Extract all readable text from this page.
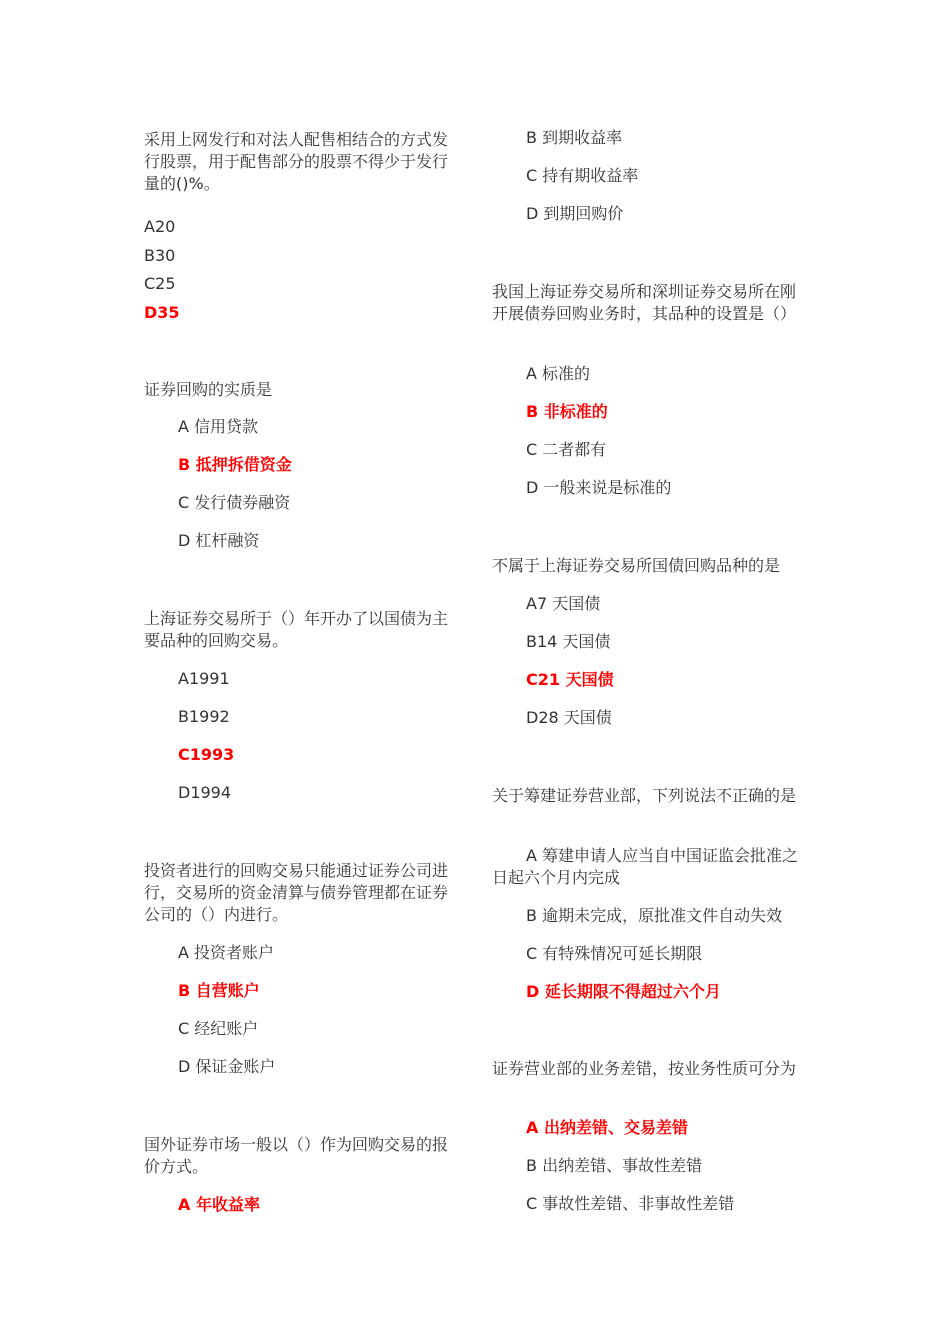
采用上网发行和对法人配售相结合的方式发行股票，用于配售部分的股票不得少于发行量的()%。
A20
B30
C25
D35
证券回购的实质是
A 信用贷款
B 抵押拆借资金
C 发行债券融资
D 杠杆融资
上海证券交易所于（）年开办了以国债为主要品种的回购交易。
A1991
B1992
C1993
D1994
投资者进行的回购交易只能通过证券公司进行，交易所的资金清算与债券管理都在证券公司的（）内进行。
A 投资者账户
B 自营账户
C 经纪账户
D 保证金账户
国外证券市场一般以（）作为回购交易的报价方式。
A 年收益率
B 到期收益率
C 持有期收益率
D 到期回购价
我国上海证券交易所和深圳证券交易所在刚开展债券回购业务时，其品种的设置是（）
A 标准的
B 非标准的
C 二者都有
D 一般来说是标准的
不属于上海证券交易所国债回购品种的是
A7 天国债
B14 天国债
C21 天国债
D28 天国债
关于筹建证券营业部，下列说法不正确的是
A 筹建申请人应当自中国证监会批准之日起六个月内完成
B 逾期未完成，原批准文件自动失效
C 有特殊情况可延长期限
D 延长期限不得超过六个月
证券营业部的业务差错，按业务性质可分为
A 出纳差错、交易差错
B 出纳差错、事故性差错
C 事故性差错、非事故性差错
